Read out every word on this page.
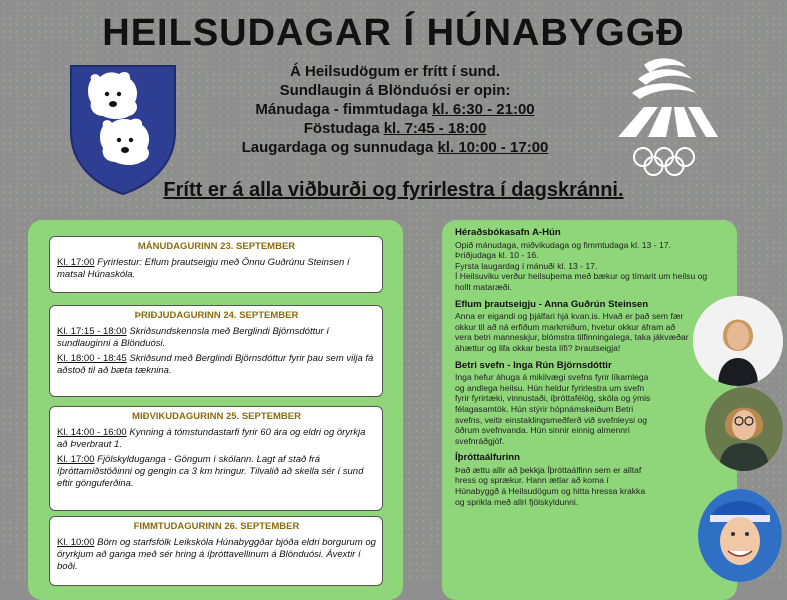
HEILSUDAGAR Í HÚNABYGGÐ
Á Heilsudögum er frítt í sund.
Sundlaugin á Blönduósi er opin:
Mánudaga - fimmtudaga kl. 6:30 - 21:00
Föstudaga kl. 7:45 - 18:00
Laugardaga og sunnudaga kl. 10:00 - 17:00
Frítt er á alla viðburði og fyrirlestra í dagskránni.
MÁNUDAGURINN 23. SEPTEMBER
Kl. 17:00 Fyrirlestur: Eflum þrautseigju með Önnu Guðrúnu Steinsen í matsal Húnaskóla.
ÞRIÐJUDAGURINN 24. SEPTEMBER
Kl. 17:15 - 18:00 Skriðsundskennsla með Berglindi Björnsdóttur í sundlauginni á Blönduósi.
Kl. 18:00 - 18:45 Skriðsund með Berglindi Björnsdóttur fyrir þau sem vilja fá aðstoð til að bæta tækninа.
MIÐVIKUDAGURINN 25. SEPTEMBER
Kl. 14:00 - 16:00 Kynning á tómstundastarfi fyrir 60 ára og eldri og öryrkja að Þverbraut 1.
Kl. 17:00 Fjölskylduganga - Göngum í skólann. Lagt af stað frá íþróttamiðstöðinni og gengin ca 3 km hringur. Tilvalið að skella sér í sund eftir gönguferðina.
FIMMTUDAGURINN 26. SEPTEMBER
Kl. 10:00 Börn og starfsfólk Leikskóla Húnabyggðar bjóða eldri borgurum og öryrkjum að ganga með sér hring á íþróttavellinum á Blönduósi. Ávextir í boði.
Héraðsbókasafn A-Hún
Opið mánudaga, miðvikudaga og fimmtudaga kl. 13 - 17.
Þriðjudaga kl. 10 - 16.
Fyrsta laugardag í mánuði kl. 13 - 17.
Í Heilsuviku verður heilsuþema með bækur og tímarit um heilsu og hollt mataræði.
Eflum þrautseigju - Anna Guðrún Steinsen
Anna er eigandi og þjálfari hjá kvan.is. Hvað er það sem fær okkur til að ná erfiðum markmiðum, hvetur okkur áfram að vera betri manneskjur, blómstra tilfinningalega, taka jákvæðar áhættur og lifa okkar besta lífi? Þrautseigja!
Betri svefn - Inga Rún Björnsdóttir
Inga hefur áhuga á mikilvægi svefns fyrir líkamlega og andlega heilsu. Hún heldur fyrirlestra um svefn fyrir fyrirtæki, vinnustaði, íþróttafélög, skóla og ýmis félagasamtök. Hún stýrir hópnámskeiðum Betri svefns, veitir einstaklingsmeðferð við svefnleysi og öðrum svefnvanda. Hún sinnir einnig almennri svefnráðgjöf.
Íþróttaálfurinn
Það ættu allir að þekkja Íþróttaálfinn sem er alltaf hress og sprækur. Hann ætlar að koma í Húnabyggð á Heilsudögum og hitta hressa krakka og sprikla með allri fjölskyldunni.
